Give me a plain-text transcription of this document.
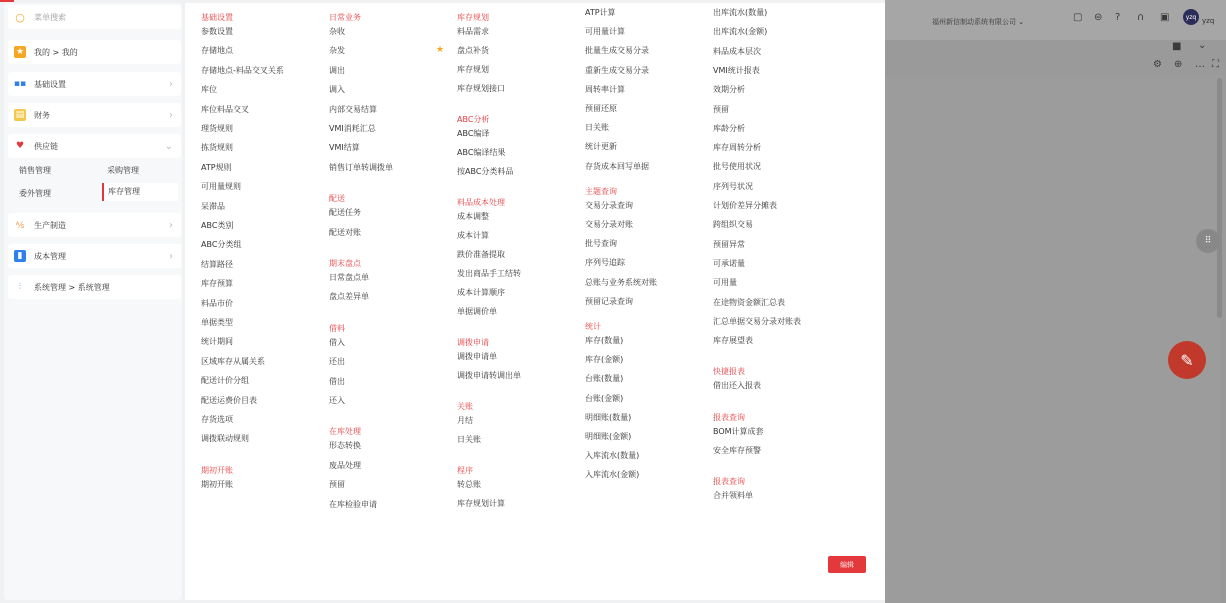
○ 菜单搜索
★ 我的 > 我的
▪▪ 基础设置	›
▤ 财务	›
♥ 供应链	⌄
销售管理	采购管理
委外管理	库存管理
⅍ 生产制造	›
▮	成本管理	›
⫶	系统管理 > 系统管理
基础设置
参数设置
存储地点
存储地点-料品交叉关系
库位
库位料品交叉
理货规则
拣货规则
ATP规则
可用量规则
呆滞品
ABC类别
ABC分类组
结算路径
库存预算
料品市价
单据类型
统计期间
区域库存从属关系
配送计价分组
配送运费价目表
存货选项
调拨联动规则
期初开账
期初开账
日常业务
杂收
杂发
调出
调入
内部交易结算
VMI消耗汇总
VMI结算
销售订单转调拨单
配送
配送任务
配送对账
期末盘点
日常盘点单
盘点差异单
借料
借入
还出
借出
还入
在库处理
形态转换
废品处理
预留
在库检验申请
库存规划
料品需求
盘点补货
库存规划
库存规划接口
ABC分析
ABC编译
ABC编译结果
按ABC分类料品
料品成本处理
成本调整
成本计算
跌价准备提取
发出商品手工结转
成本计算顺序
单据调价单
调拨申请
调拨申请单
调拨申请转调出单
关账
月结
日关账
程序
转总账
库存规划计算
ATP计算
可用量计算
批量生成交易分录
重新生成交易分录
周转率计算
预留还原
日关账
统计更新
存货成本回写单据
主题查询
交易分录查询
交易分录对账
批号查询
序列号追踪
总账与业务系统对账
预留记录查询
统计
库存(数量)
库存(金额)
台账(数量)
台账(金额)
明细账(数量)
明细账(金额)
入库流水(数量)
入库流水(金额)
出库流水(数量)
出库流水(金额)
料品成本层次
VMI统计报表
效期分析
预留
库龄分析
库存周转分析
批号使用状况
序列号状况
计划价差异分摊表
跨组织交易
预留异常
可承诺量
可用量
在途物资金额汇总表
汇总单据交易分录对账表
库存展望表
快捷报表
借出还入报表
报表查询
BOM计算成套
安全库存预警
报表查询
合并领料单
★
编辑
福州新信制动系统有限公司 ⌄	▢ ⊜ ? ∩ ▣	yzq yzq
■ ⌄
⚙ ⊕ … ⛶
⠿
✎
